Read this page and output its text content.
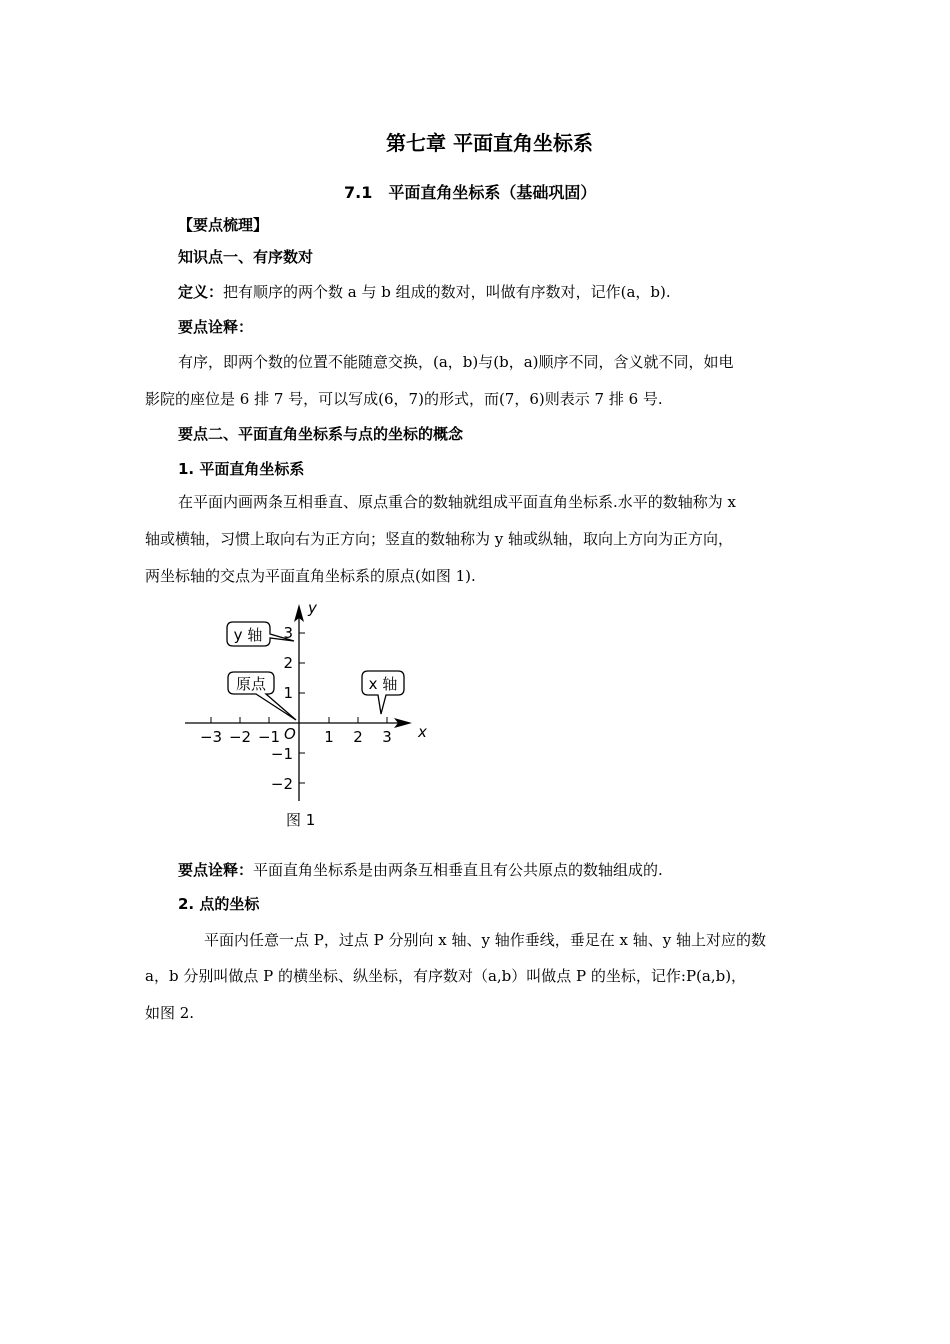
第七章 平面直角坐标系
7.1　平面直角坐标系（基础巩固）
【要点梳理】
知识点一、有序数对
定义：把有顺序的两个数 a 与 b 组成的数对，叫做有序数对，记作(a，b).
要点诠释：
有序，即两个数的位置不能随意交换，(a，b)与(b，a)顺序不同，含义就不同，如电
影院的座位是 6 排 7 号，可以写成(6，7)的形式，而(7，6)则表示 7 排 6 号.
要点二、平面直角坐标系与点的坐标的概念
1. 平面直角坐标系
在平面内画两条互相垂直、原点重合的数轴就组成平面直角坐标系.水平的数轴称为 x
轴或横轴，习惯上取向右为正方向；竖直的数轴称为 y 轴或纵轴，取向上方向为正方向，
两坐标轴的交点为平面直角坐标系的原点(如图 1).
y
x
O
−3 −2 −1	1 2 3
3
2
1
−1
−2
y 轴
原点	x 轴
图 1
要点诠释：平面直角坐标系是由两条互相垂直且有公共原点的数轴组成的.
2. 点的坐标
平面内任意一点 P，过点 P 分别向 x 轴、y 轴作垂线，垂足在 x 轴、y 轴上对应的数
a，b 分别叫做点 P 的横坐标、纵坐标，有序数对（a,b）叫做点 P 的坐标，记作:P(a,b)，
如图 2.
